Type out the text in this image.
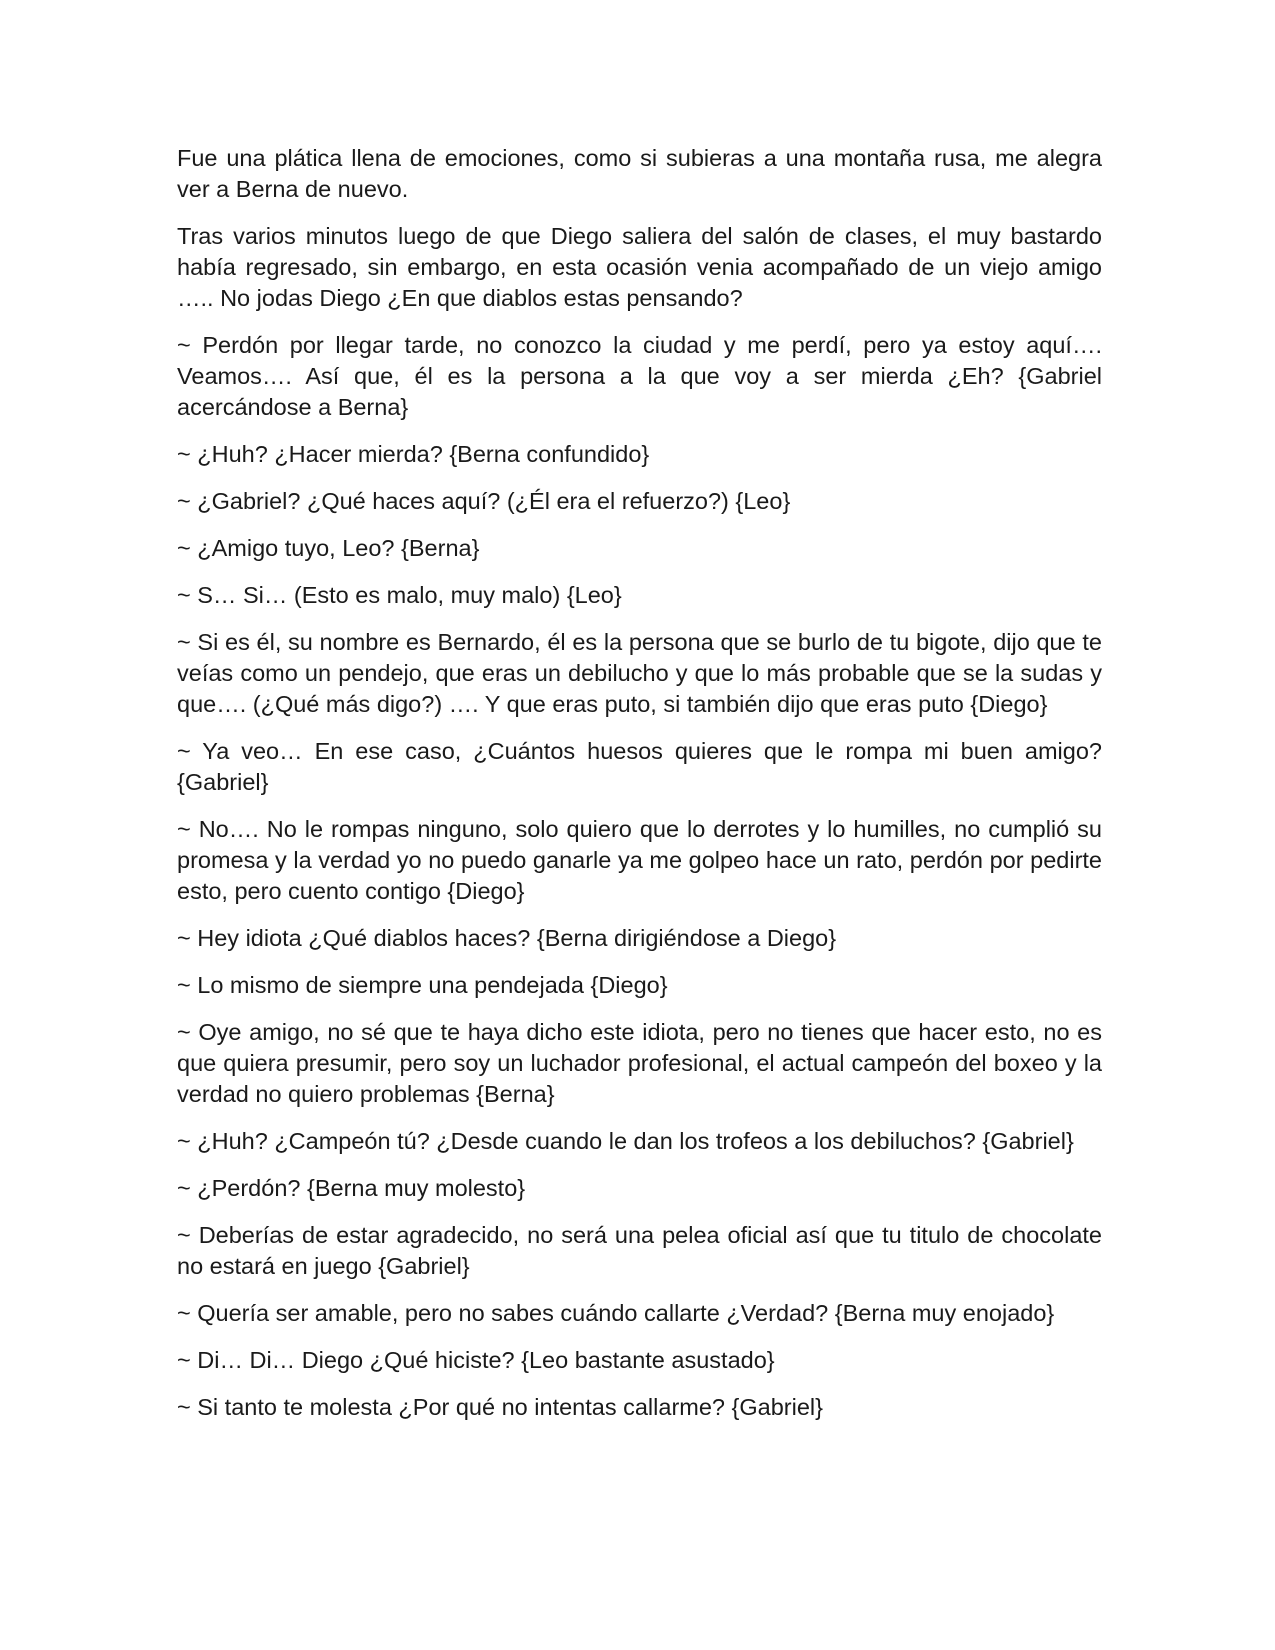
Fue una plática llena de emociones, como si subieras a una montaña rusa, me alegra ver a Berna de nuevo.

Tras varios minutos luego de que Diego saliera del salón de clases, el muy bastardo había regresado, sin embargo, en esta ocasión venia acompañado de un viejo amigo ….. No jodas Diego ¿En que diablos estas pensando?

~ Perdón por llegar tarde, no conozco la ciudad y me perdí, pero ya estoy aquí…. Veamos…. Así que, él es la persona a la que voy a ser mierda ¿Eh? {Gabriel acercándose a Berna}

~ ¿Huh? ¿Hacer mierda? {Berna confundido}

~ ¿Gabriel? ¿Qué haces aquí? (¿Él era el refuerzo?) {Leo}

~ ¿Amigo tuyo, Leo? {Berna}

~ S… Si… (Esto es malo, muy malo) {Leo}

~ Si es él, su nombre es Bernardo, él es la persona que se burlo de tu bigote, dijo que te veías como un pendejo, que eras un debilucho y que lo más probable que se la sudas y que…. (¿Qué más digo?) …. Y que eras puto, si también dijo que eras puto {Diego}

~ Ya veo… En ese caso, ¿Cuántos huesos quieres que le rompa mi buen amigo? {Gabriel}

~ No…. No le rompas ninguno, solo quiero que lo derrotes y lo humilles, no cumplió su promesa y la verdad yo no puedo ganarle ya me golpeo hace un rato, perdón por pedirte esto, pero cuento contigo {Diego}

~ Hey idiota ¿Qué diablos haces? {Berna dirigiéndose a Diego}

~ Lo mismo de siempre una pendejada {Diego}

~ Oye amigo, no sé que te haya dicho este idiota, pero no tienes que hacer esto, no es que quiera presumir, pero soy un luchador profesional, el actual campeón del boxeo y la verdad no quiero problemas {Berna}

~ ¿Huh? ¿Campeón tú? ¿Desde cuando le dan los trofeos a los debiluchos? {Gabriel}

~ ¿Perdón? {Berna muy molesto}

~ Deberías de estar agradecido, no será una pelea oficial así que tu titulo de chocolate no estará en juego {Gabriel}

~ Quería ser amable, pero no sabes cuándo callarte ¿Verdad? {Berna muy enojado}

~ Di… Di… Diego ¿Qué hiciste? {Leo bastante asustado}

~ Si tanto te molesta ¿Por qué no intentas callarme? {Gabriel}
